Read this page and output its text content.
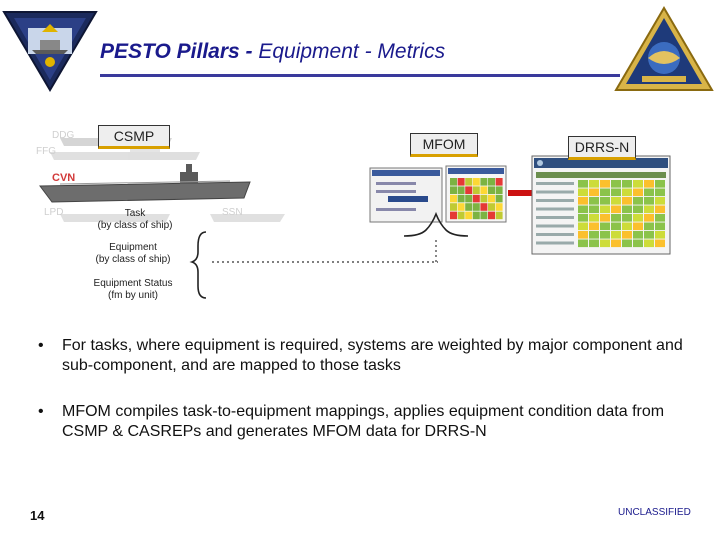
PESTO Pillars - Equipment - Metrics
DDG
FFG
CVN
LPD	SSN
CSMP	MFOM	DRRS-N
Task
(by class of ship)
Equipment
(by class of ship)
Equipment Status
(fm by unit)
• For tasks, where equipment is required, systems are weighted by major component and sub-component, and are mapped to those tasks
• MFOM compiles task-to-equipment mappings, applies equipment condition data from CSMP & CASREPs and generates MFOM data for DRRS-N
14	UNCLASSIFIED
